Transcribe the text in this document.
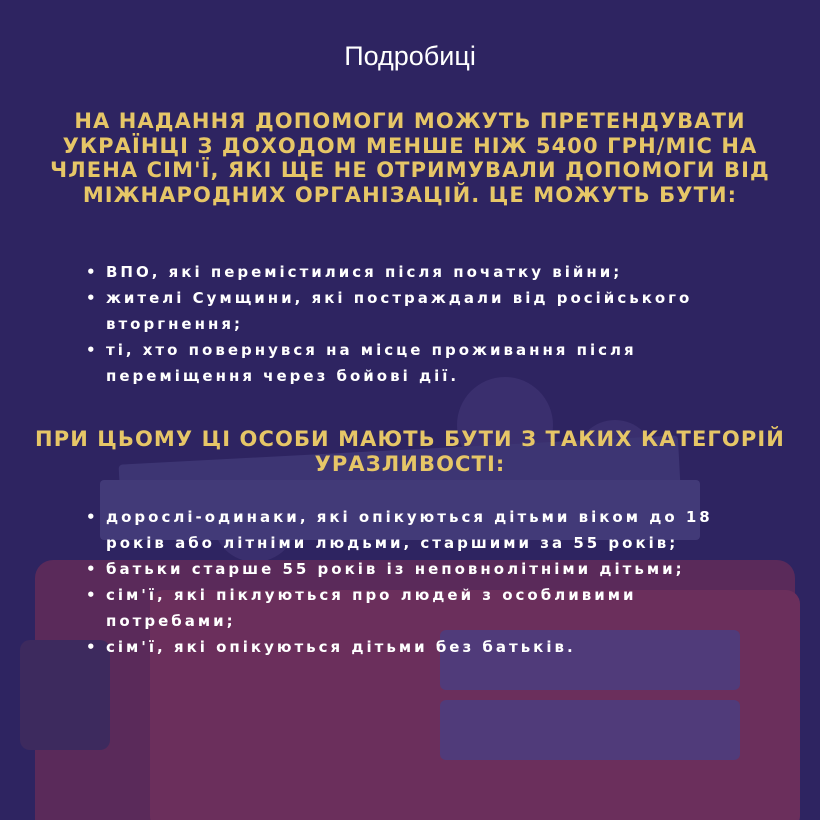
Подробиці
НА НАДАННЯ ДОПОМОГИ МОЖУТЬ ПРЕТЕНДУВАТИ УКРАЇНЦІ З ДОХОДОМ МЕНШЕ НІЖ 5400 ГРН/МІС НА ЧЛЕНА СІМ'Ї, ЯКІ ЩЕ НЕ ОТРИМУВАЛИ ДОПОМОГИ ВІД МІЖНАРОДНИХ ОРГАНІЗАЦІЙ. ЦЕ МОЖУТЬ БУТИ:
• ВПО, які перемістилися після початку війни;
• жителі Сумщини, які постраждали від російського вторгнення;
• ті, хто повернувся на місце проживання після переміщення через бойові дії.
ПРИ ЦЬОМУ ЦІ ОСОБИ МАЮТЬ БУТИ З ТАКИХ КАТЕГОРІЙ УРАЗЛИВОСТІ:
• дорослі-одинаки, які опікуються дітьми віком до 18 років або літніми людьми, старшими за 55 років;
• батьки старше 55 років із неповнолітніми дітьми;
• сім'ї, які піклуються про людей з особливими потребами;
• сім'ї, які опікуються дітьми без батьків.
